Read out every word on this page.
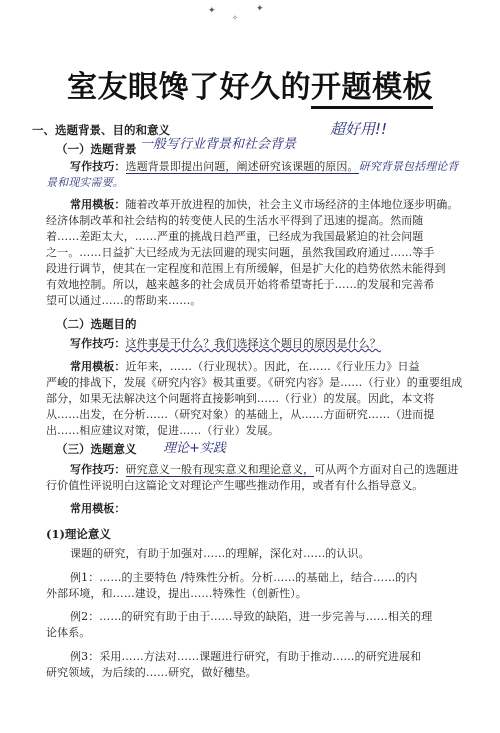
✦
✧
✦
室友眼馋了好久的开题模板
一、选题背景、目的和意义	超好用!!
（一）选题背景 一般写行业背景和社会背景
写作技巧：选题背景即提出问题，阐述研究该课题的原因。研究背景包括理论背
景和现实需要。
常用模板：随着改革开放进程的加快，社会主义市场经济的主体地位逐步明确。
经济体制改革和社会结构的转变使人民的生活水平得到了迅速的提高。然而随
着……差距太大，……严重的挑战日趋严重，已经成为我国最紧迫的社会问题
之一。……日益扩大已经成为无法回避的现实问题，虽然我国政府通过……等手
段进行调节，使其在一定程度和范围上有所缓解，但是扩大化的趋势依然未能得到
有效地控制。所以，越来越多的社会成员开始将希望寄托于……的发展和完善希
望可以通过……的帮助来……。
（二）选题目的
写作技巧：这件事是干什么？我们选择这个题目的原因是什么？
常用模板：近年来，……（行业现状）。因此，在……《行业压力》日益
严峻的排战下，发展《研究内容》极其重要。《研究内容》是……（行业）的重要组成
部分，如果无法解决这个问题将直接影响到……（行业）的发展。因此，本文将
从……出发，在分析……（研究对象）的基础上，从……方面研究……（进而提
出……相应建议对策，促进……（行业）发展。
（三）选题意义 理论+实践
写作技巧：研究意义一般有现实意义和理论意义，可从两个方面对自己的选题进
行价值性评说明白这篇论文对理论产生哪些推动作用，或者有什么指导意义。
常用模板：
(1)理论意义
课题的研究，有助于加强对……的理解，深化对……的认识。
例1：……的主要特色 /特殊性分析。分析……的基础上，结合……的内
外部环境，和……建设，提出……特殊性（创新性）。
例2：……的研究有助于由于……导致的缺陷，进一步完善与……相关的理
论体系。
例3：采用……方法对……课题进行研究，有助于推动……的研究进展和
研究领域，为后续的……研究，做好穗垫。
